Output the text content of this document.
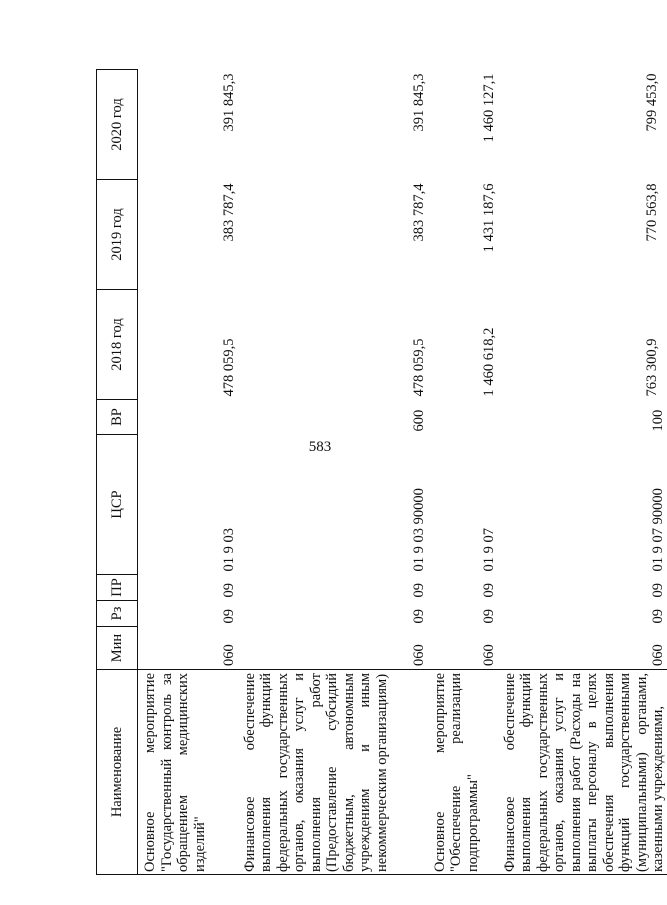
583
Наименование	Мин	Рз	ПР	ЦСР	ВР	2018 год	2019 год	2020 год
Основное мероприятие "Государственный контроль за обращением медицинских изделий"	060	09	09	01 9 03		478 059,5	383 787,4	391 845,3
Финансовое обеспечение выполнения функций федеральных государственных органов, оказания услуг и выполнения работ (Предоставление субсидий бюджетным, автономным учреждениям и иным некоммерческим организациям)	060	09	09	01 9 03 90000	600	478 059,5	383 787,4	391 845,3
Основное мероприятие "Обеспечение реализации подпрограммы"	060	09	09	01 9 07		1 460 618,2	1 431 187,6	1 460 127,1
Финансовое обеспечение выполнения функций федеральных государственных органов, оказания услуг и выполнения работ (Расходы на выплаты персоналу в целях обеспечения выполнения функций государственными (муниципальными) органами, казенными учреждениями,	060	09	09	01 9 07 90000	100	763 300,9	770 563,8	799 453,0
